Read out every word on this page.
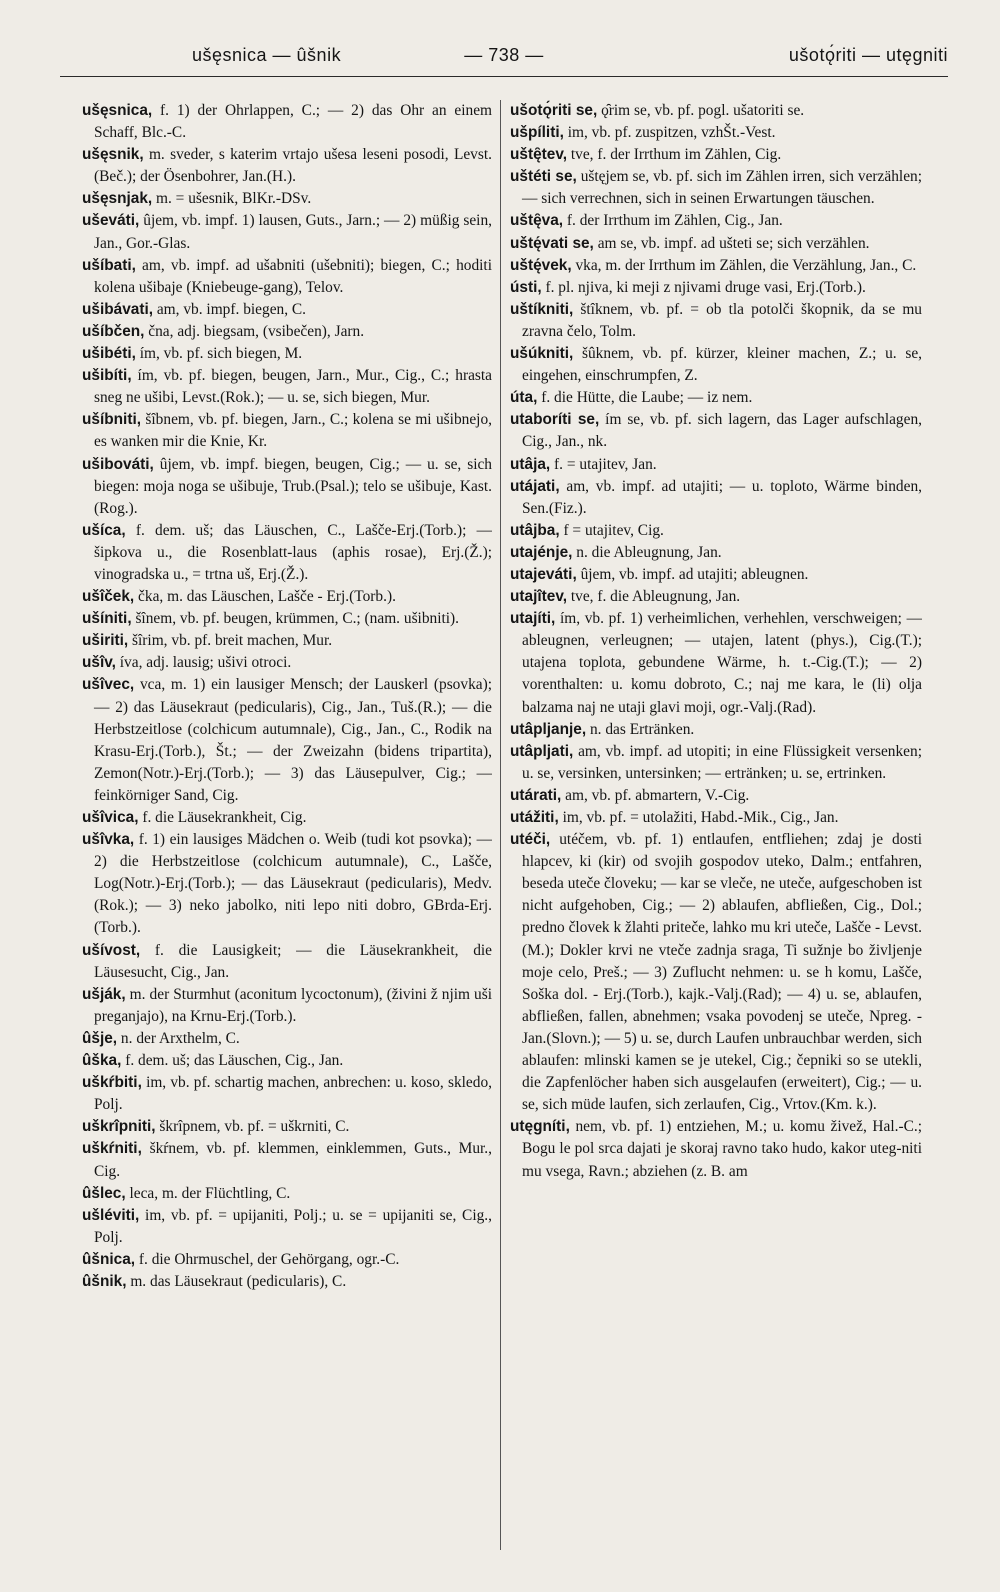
ušęsnica — ûšnik	— 738 —	ušotǫ́riti — utęgniti
ušęsnica, f. 1) der Ohrlappen, C.; — 2) das Ohr an einem Schaff, Blc.-C.
ušęsnik, m. sveder, s katerim vrtajo ušesa leseni posodi, Levst.(Beč.); der Ösenbohrer, Jan.(H.).
ušęsnjak, m. = ušesnik, BlKr.-DSv.
uševáti, ûjem, vb. impf. 1) lausen, Guts., Jarn.; — 2) müßig sein, Jan., Gor.-Glas.
ušíbati, am, vb. impf. ad ušabniti (ušebniti); biegen, C.; hoditi kolena ušibaje (Kniebeuge-gang), Telov.
ušibávati, am, vb. impf. biegen, C.
ušíbčen, čna, adj. biegsam, (vsibečen), Jarn.
ušibéti, ím, vb. pf. sich biegen, M.
ušibíti, ím, vb. pf. biegen, beugen, Jarn., Mur., Cig., C.; hrasta sneg ne ušibi, Levst.(Rok.); — u. se, sich biegen, Mur.
ušíbniti, šîbnem, vb. pf. biegen, Jarn., C.; kolena se mi ušibnejo, es wanken mir die Knie, Kr.
ušibováti, ûjem, vb. impf. biegen, beugen, Cig.; — u. se, sich biegen: moja noga se ušibuje, Trub.(Psal.); telo se ušibuje, Kast.(Rog.).
ušíca, f. dem. uš; das Läuschen, C., Lašče-Erj.(Torb.); — šipkova u., die Rosenblatt-laus (aphis rosae), Erj.(Ž.); vinogradska u., = trtna uš, Erj.(Ž.).
ušîček, čka, m. das Läuschen, Lašče - Erj.(Torb.).
ušíniti, šînem, vb. pf. beugen, krümmen, C.; (nam. ušibniti).
uširiti, šîrim, vb. pf. breit machen, Mur.
ušîv, íva, adj. lausig; ušivi otroci.
ušîvec, vca, m. 1) ein lausiger Mensch; der Lauskerl (psovka); — 2) das Läusekraut (pedicularis), Cig., Jan., Tuš.(R.); — die Herbstzeitlose (colchicum autumnale), Cig., Jan., C., Rodik na Krasu-Erj.(Torb.), Št.; — der Zweizahn (bidens tripartita), Zemon(Notr.)-Erj.(Torb.); — 3) das Läusepulver, Cig.; — feinkörniger Sand, Cig.
ušîvica, f. die Läusekrankheit, Cig.
ušîvka, f. 1) ein lausiges Mädchen o. Weib (tudi kot psovka); — 2) die Herbstzeitlose (colchicum autumnale), C., Lašče, Log(Notr.)-Erj.(Torb.); — das Läusekraut (pedicularis), Medv.(Rok.); — 3) neko jabolko, niti lepo niti dobro, GBrda-Erj.(Torb.).
ušívost, f. die Lausigkeit; — die Läusekrankheit, die Läusesucht, Cig., Jan.
ušják, m. der Sturmhut (aconitum lycoctonum), (živini ž njim uši preganjajo), na Krnu-Erj.(Torb.).
ûšje, n. der Arxthelm, C.
ûška, f. dem. uš; das Läuschen, Cig., Jan.
uškŕbiti, im, vb. pf. schartig machen, anbrechen: u. koso, skledo, Polj.
uškrîpniti, škrîpnem, vb. pf. = uškrniti, C.
uškŕniti, škŕnem, vb. pf. klemmen, einklemmen, Guts., Mur., Cig.
ûšlec, leca, m. der Flüchtling, C.
ušléviti, im, vb. pf. = upijaniti, Polj.; u. se = upijaniti se, Cig., Polj.
ûšnica, f. die Ohrmuschel, der Gehörgang, ogr.-C.
ûšnik, m. das Läusekraut (pedicularis), C.
ušotǫ́riti se, ǫ̑rim se, vb. pf. pogl. ušatoriti se.
ušpíliti, im, vb. pf. zuspitzen, vzhŠt.-Vest.
uštę̑tev, tve, f. der Irrthum im Zählen, Cig.
uštéti se, uštęjem se, vb. pf. sich im Zählen irren, sich verzählen; — sich verrechnen, sich in seinen Erwartungen täuschen.
uštę̑va, f. der Irrthum im Zählen, Cig., Jan.
uštę́vati se, am se, vb. impf. ad ušteti se; sich verzählen.
uštę́vek, vka, m. der Irrthum im Zählen, die Verzählung, Jan., C.
ústi, f. pl. njiva, ki meji z njivami druge vasi, Erj.(Torb.).
uštíkniti, štîknem, vb. pf. = ob tla potolči škopnik, da se mu zravna čelo, Tolm.
ušúkniti, šûknem, vb. pf. kürzer, kleiner machen, Z.; u. se, eingehen, einschrumpfen, Z.
úta, f. die Hütte, die Laube; — iz nem.
utaboríti se, ím se, vb. pf. sich lagern, das Lager aufschlagen, Cig., Jan., nk.
utâja, f. = utajitev, Jan.
utájati, am, vb. impf. ad utajiti; — u. toploto, Wärme binden, Sen.(Fiz.).
utâjba, f = utajitev, Cig.
utajénje, n. die Ableugnung, Jan.
utajeváti, ûjem, vb. impf. ad utajiti; ableugnen.
utajîtev, tve, f. die Ableugnung, Jan.
utajíti, ím, vb. pf. 1) verheimlichen, verhehlen, verschweigen; — ableugnen, verleugnen; — utajen, latent (phys.), Cig.(T.); utajena toplota, gebundene Wärme, h. t.-Cig.(T.); — 2) vorenthalten: u. komu dobroto, C.; naj me kara, le (li) olja balzama naj ne utaji glavi moji, ogr.-Valj.(Rad).
utâpljanje, n. das Ertränken.
utâpljati, am, vb. impf. ad utopiti; in eine Flüssigkeit versenken; u. se, versinken, untersinken; — ertränken; u. se, ertrinken.
utárati, am, vb. pf. abmartern, V.-Cig.
utážiti, im, vb. pf. = utolažiti, Habd.-Mik., Cig., Jan.
utéči, utéčem, vb. pf. 1) entlaufen, entfliehen; zdaj je dosti hlapcev, ki (kir) od svojih gospodov uteko, Dalm.; entfahren, beseda uteče človeku; — kar se vleče, ne uteče, aufgeschoben ist nicht aufgehoben, Cig.; — 2) ablaufen, abfließen, Cig., Dol.; predno človek k žlahti priteče, lahko mu kri uteče, Lašče - Levst.(M.); Dokler krvi ne vteče zadnja sraga, Ti sužnje bo življenje moje celo, Preš.; — 3) Zuflucht nehmen: u. se h komu, Lašče, Soška dol. - Erj.(Torb.), kajk.-Valj.(Rad); — 4) u. se, ablaufen, abfließen, fallen, abnehmen; vsaka povodenj se uteče, Npreg. - Jan.(Slovn.); — 5) u. se, durch Laufen unbrauchbar werden, sich ablaufen: mlinski kamen se je utekel, Cig.; čepniki so se utekli, die Zapfenlöcher haben sich ausgelaufen (erweitert), Cig.; — u. se, sich müde laufen, sich zerlaufen, Cig., Vrtov.(Km. k.).
utęgníti, nem, vb. pf. 1) entziehen, M.; u. komu živež, Hal.-C.; Bogu le pol srca dajati je skoraj ravno tako hudo, kakor uteg-niti mu vsega, Ravn.; abziehen (z. B. am
